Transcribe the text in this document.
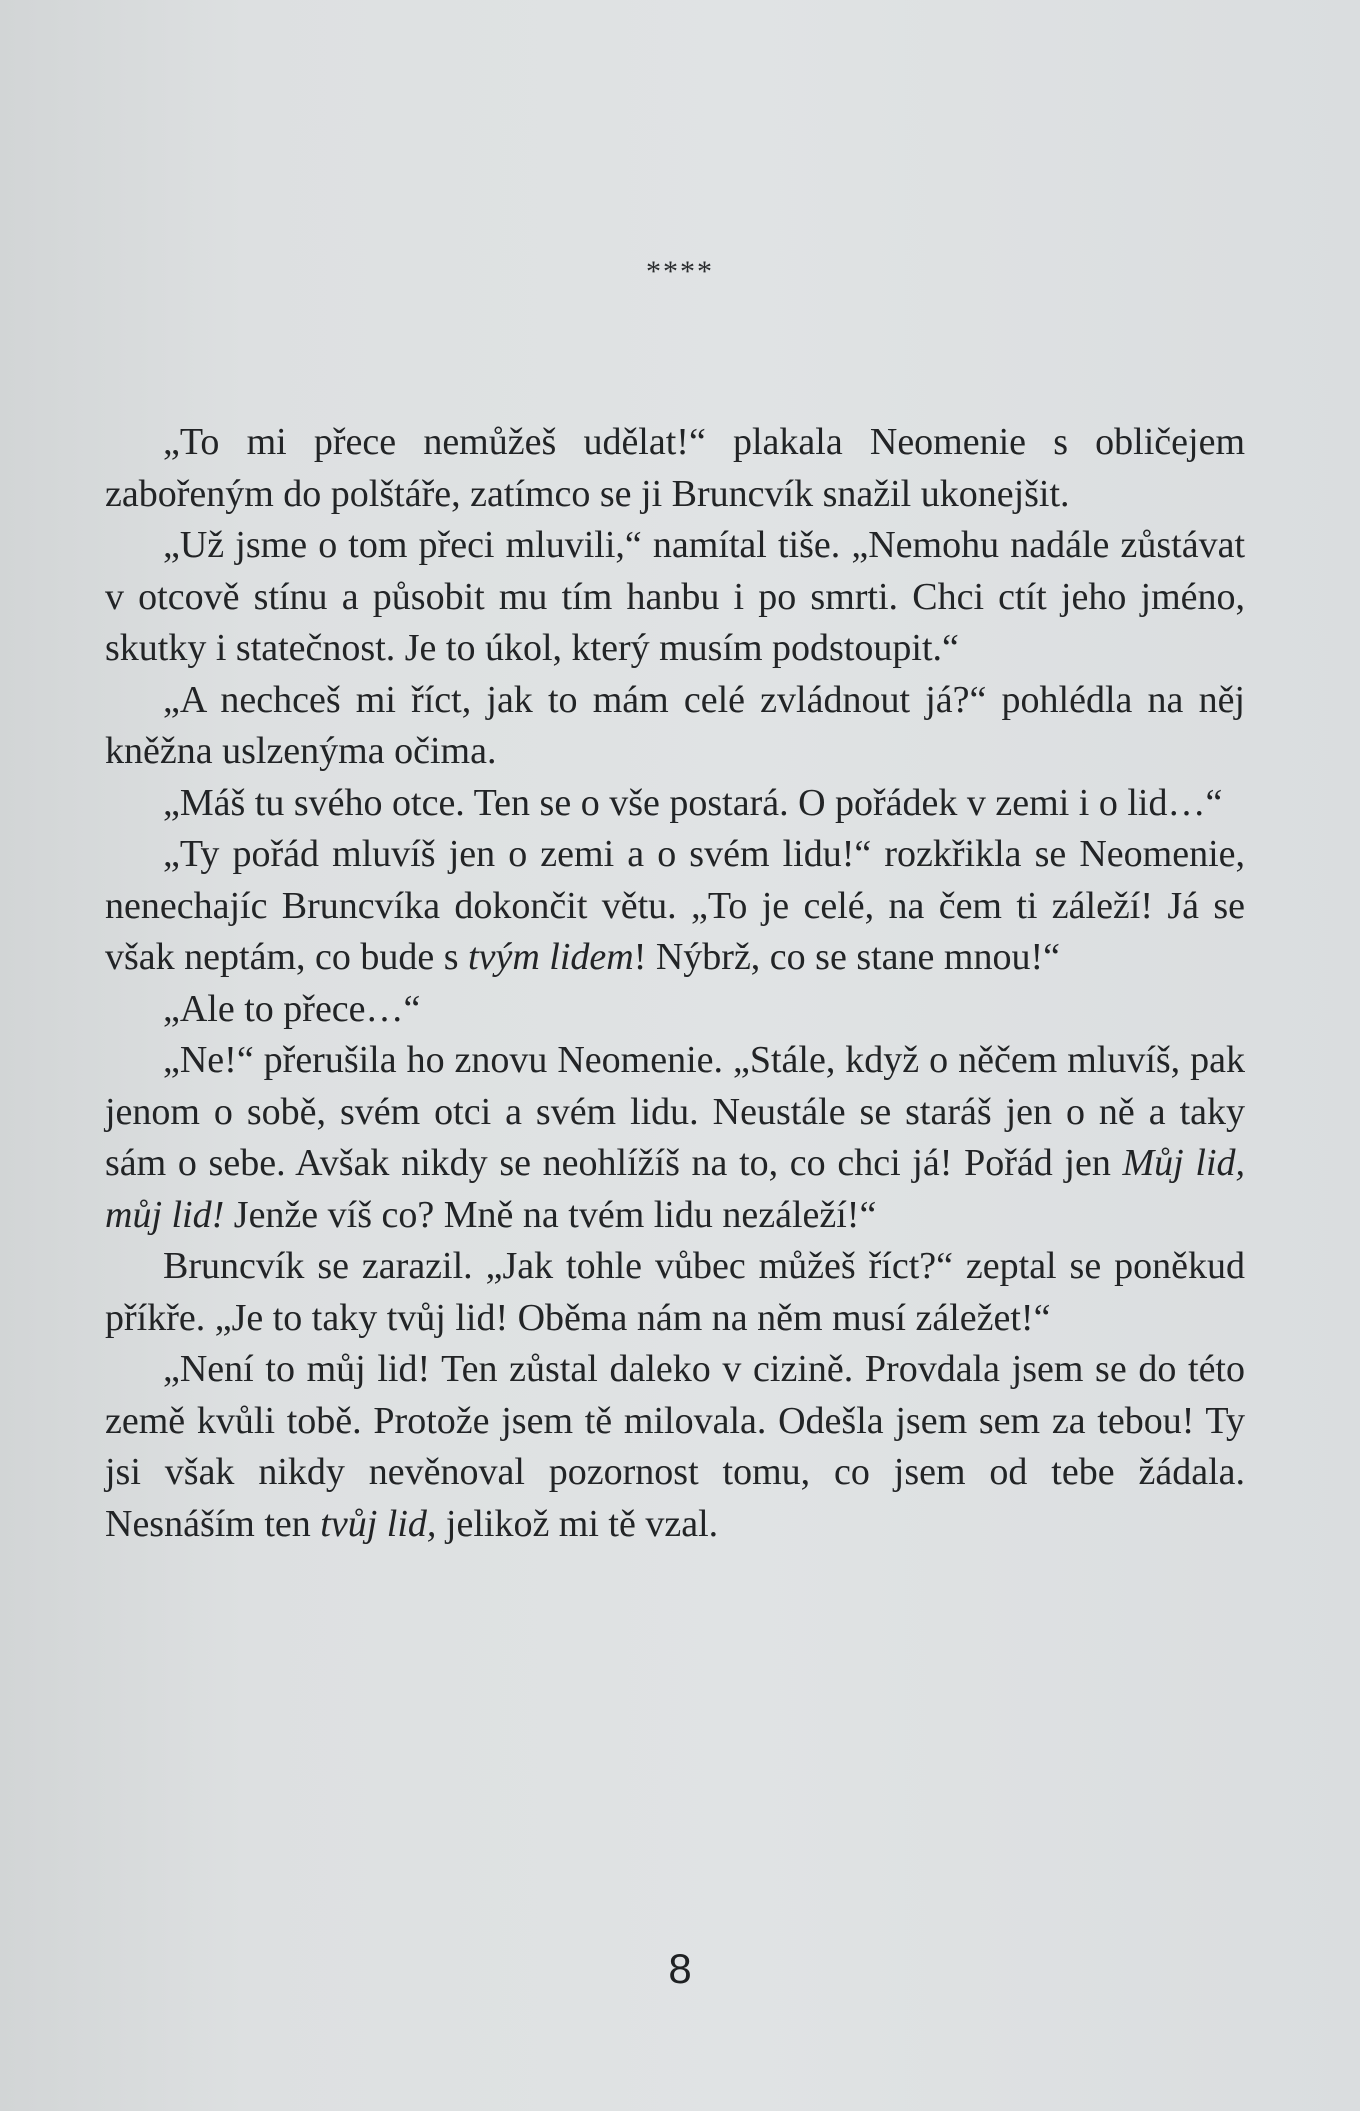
****

„To mi přece nemůžeš udělat!“ plakala Neomenie s obličejem zabořeným do polštáře, zatímco se ji Bruncvík snažil ukonejšit.

„Už jsme o tom přeci mluvili,“ namítal tiše. „Nemohu nadále zůstávat v otcově stínu a působit mu tím hanbu i po smrti. Chci ctít jeho jméno, skutky i statečnost. Je to úkol, který musím podstoupit.“

„A nechceš mi říct, jak to mám celé zvládnout já?“ pohlédla na něj kněžna uslzenýma očima.

„Máš tu svého otce. Ten se o vše postará. O pořádek v zemi i o lid…“

„Ty pořád mluvíš jen o zemi a o svém lidu!“ rozkřikla se Neomenie, nenechajíc Bruncvíka dokončit větu. „To je celé, na čem ti záleží! Já se však neptám, co bude s tvým lidem! Nýbrž, co se stane mnou!“

„Ale to přece…“

„Ne!“ přerušila ho znovu Neomenie. „Stále, když o něčem mluvíš, pak jenom o sobě, svém otci a svém lidu. Neustále se staráš jen o ně a taky sám o sebe. Avšak nikdy se neohlížíš na to, co chci já! Pořád jen Můj lid, můj lid! Jenže víš co? Mně na tvém lidu nezáleží!“

Bruncvík se zarazil. „Jak tohle vůbec můžeš říct?“ zeptal se poněkud příkře. „Je to taky tvůj lid! Oběma nám na něm musí záležet!“

„Není to můj lid! Ten zůstal daleko v cizině. Provdala jsem se do této země kvůli tobě. Protože jsem tě milovala. Odešla jsem sem za tebou! Ty jsi však nikdy nevěnoval pozornost tomu, co jsem od tebe žádala. Nesnáším ten tvůj lid, jelikož mi tě vzal.

8
